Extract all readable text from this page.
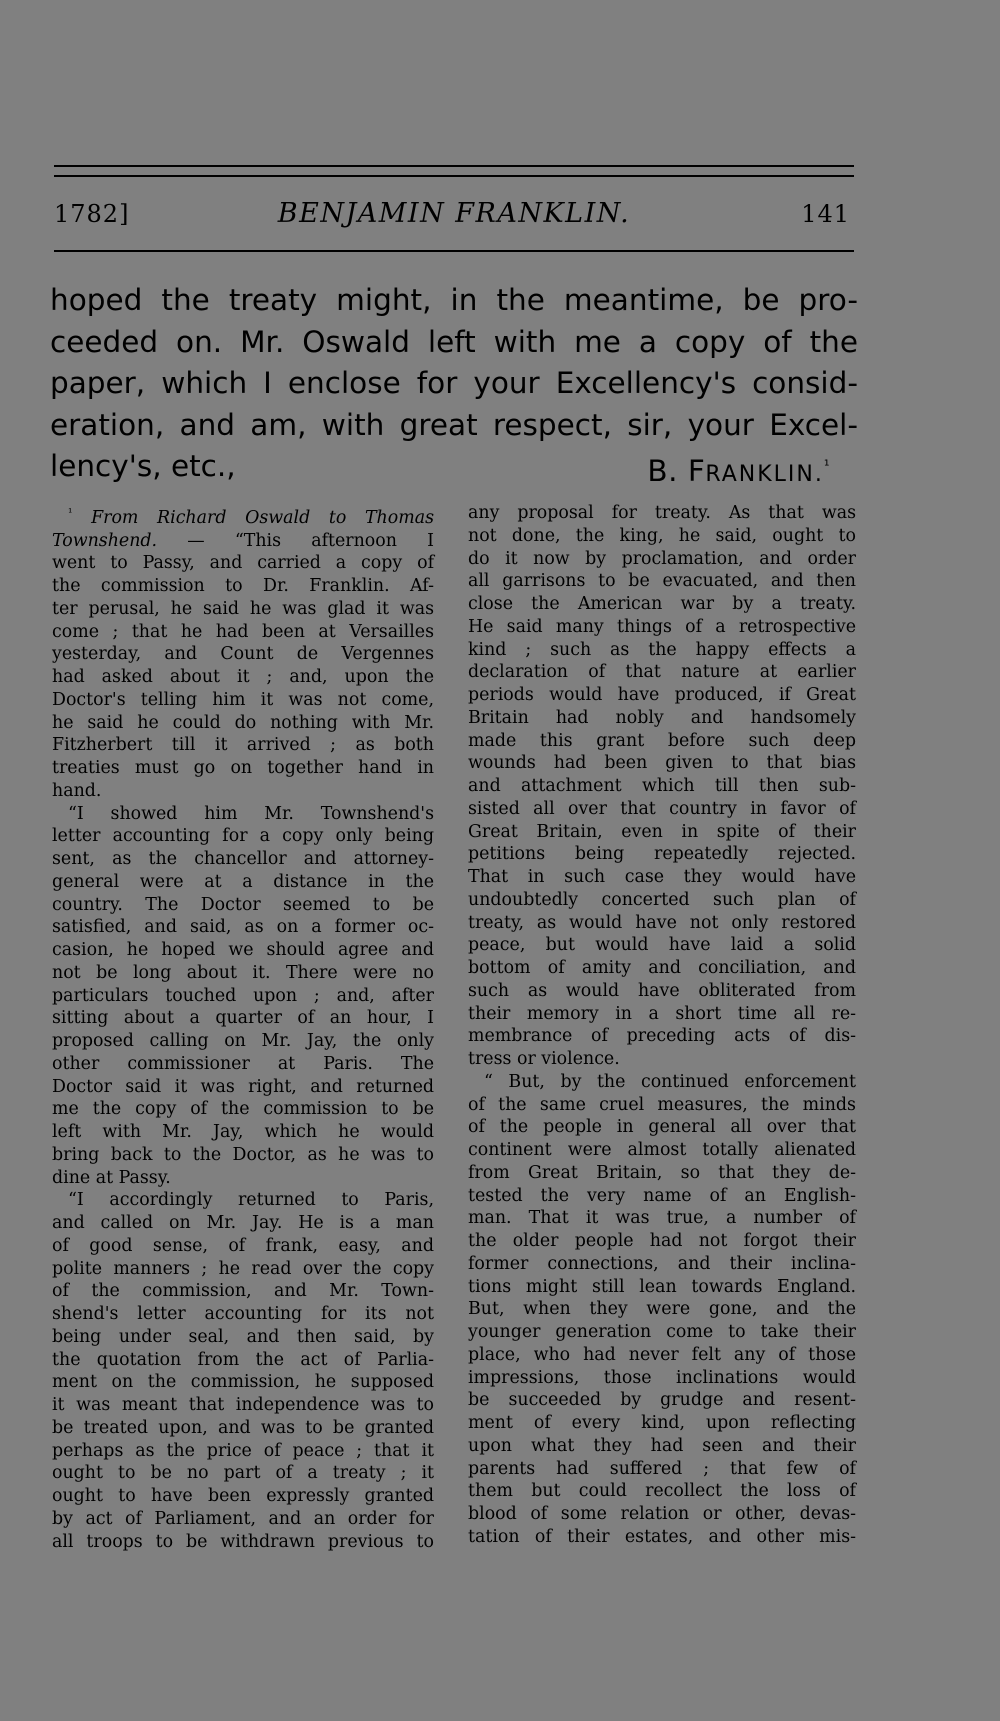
1782]	BENJAMIN FRANKLIN.	141
hoped the treaty might, in the meantime, be pro-
ceeded on. Mr. Oswald left with me a copy of the
paper, which I enclose for your Excellency's consid-
eration, and am, with great respect, sir, your Excel-
lency's, etc.,	B. FRANKLIN.$^{^1}$
$^{^1}$ From Richard Oswald to Thomas
Townshend. — “This afternoon I
went to Passy, and carried a copy of
the commission to Dr. Franklin. Af-
ter perusal, he said he was glad it was
come ; that he had been at Versailles
yesterday, and Count de Vergennes
had asked about it ; and, upon the
Doctor's telling him it was not come,
he said he could do nothing with Mr.
Fitzherbert till it arrived ; as both
treaties must go on together hand in
hand.
“I showed him Mr. Townshend's
letter accounting for a copy only being
sent, as the chancellor and attorney-
general were at a distance in the
country. The Doctor seemed to be
satisfied, and said, as on a former oc-
casion, he hoped we should agree and
not be long about it. There were no
particulars touched upon ; and, after
sitting about a quarter of an hour, I
proposed calling on Mr. Jay, the only
other commissioner at Paris. The
Doctor said it was right, and returned
me the copy of the commission to be
left with Mr. Jay, which he would
bring back to the Doctor, as he was to
dine at Passy.
“I accordingly returned to Paris,
and called on Mr. Jay. He is a man
of good sense, of frank, easy, and
polite manners ; he read over the copy
of the commission, and Mr. Town-
shend's letter accounting for its not
being under seal, and then said, by
the quotation from the act of Parlia-
ment on the commission, he supposed
it was meant that independence was to
be treated upon, and was to be granted
perhaps as the price of peace ; that it
ought to be no part of a treaty ; it
ought to have been expressly granted
by act of Parliament, and an order for
all troops to be withdrawn previous to
any proposal for treaty. As that was
not done, the king, he said, ought to
do it now by proclamation, and order
all garrisons to be evacuated, and then
close the American war by a treaty.
He said many things of a retrospective
kind ; such as the happy effects a
declaration of that nature at earlier
periods would have produced, if Great
Britain had nobly and handsomely
made this grant before such deep
wounds had been given to that bias
and attachment which till then sub-
sisted all over that country in favor of
Great Britain, even in spite of their
petitions being repeatedly rejected.
That in such case they would have
undoubtedly concerted such plan of
treaty, as would have not only restored
peace, but would have laid a solid
bottom of amity and conciliation, and
such as would have obliterated from
their memory in a short time all re-
membrance of preceding acts of dis-
tress or violence.
“ But, by the continued enforcement
of the same cruel measures, the minds
of the people in general all over that
continent were almost totally alienated
from Great Britain, so that they de-
tested the very name of an English-
man. That it was true, a number of
the older people had not forgot their
former connections, and their inclina-
tions might still lean towards England.
But, when they were gone, and the
younger generation come to take their
place, who had never felt any of those
impressions, those inclinations would
be succeeded by grudge and resent-
ment of every kind, upon reflecting
upon what they had seen and their
parents had suffered ; that few of
them but could recollect the loss of
blood of some relation or other, devas-
tation of their estates, and other mis-
